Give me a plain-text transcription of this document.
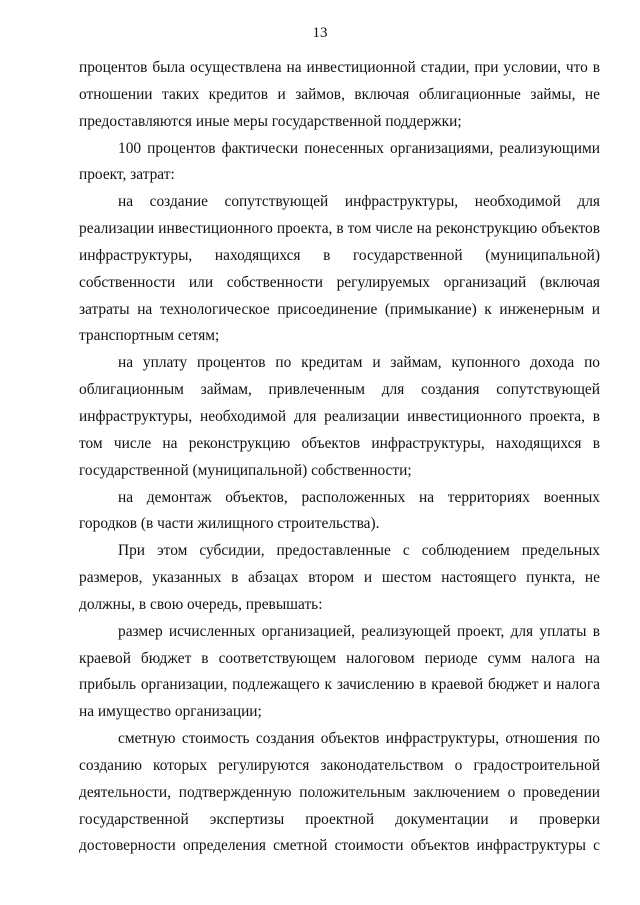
13

процентов была осуществлена на инвестиционной стадии, при условии, что в отношении таких кредитов и займов, включая облигационные займы, не предоставляются иные меры государственной поддержки;

100 процентов фактически понесенных организациями, реализующими проект, затрат:

на создание сопутствующей инфраструктуры, необходимой для реализации инвестиционного проекта, в том числе на реконструкцию объектов инфраструктуры, находящихся в государственной (муниципальной) собственности или собственности регулируемых организаций (включая затраты на технологическое присоединение (примыкание) к инженерным и транспортным сетям;

на уплату процентов по кредитам и займам, купонного дохода по облигационным займам, привлеченным для создания сопутствующей инфраструктуры, необходимой для реализации инвестиционного проекта, в том числе на реконструкцию объектов инфраструктуры, находящихся в государственной (муниципальной) собственности;

на демонтаж объектов, расположенных на территориях военных городков (в части жилищного строительства).

При этом субсидии, предоставленные с соблюдением предельных размеров, указанных в абзацах втором и шестом настоящего пункта, не должны, в свою очередь, превышать:

размер исчисленных организацией, реализующей проект, для уплаты в краевой бюджет в соответствующем налоговом периоде сумм налога на прибыль организации, подлежащего к зачислению в краевой бюджет и налога на имущество организации;

сметную стоимость создания объектов инфраструктуры, отношения по созданию которых регулируются законодательством о градостроительной деятельности, подтвержденную положительным заключением о проведении государственной экспертизы проектной документации и проверки достоверности определения сметной стоимости объектов инфраструктуры с
